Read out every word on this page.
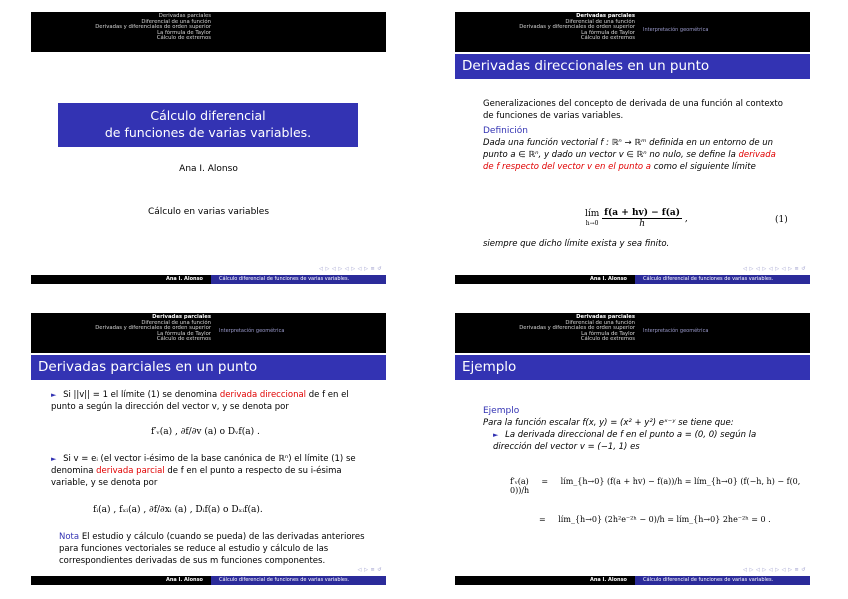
Derivadas parciales
Diferencial de una función
Derivadas y diferenciales de orden superior
La fórmula de Taylor
Cálculo de extremos
Cálculo diferencial
de funciones de varias variables.
Ana I. Alonso
Cálculo en varias variables
◁ ▷ ◁ ▷ ◁ ▷ ◁ ▷ ≡ ↺
Ana I. Alonso	Cálculo diferencial de funciones de varias variables.
Derivadas parciales
Diferencial de una función
Derivadas y diferenciales de orden superior
La fórmula de Taylor
Cálculo de extremos
Interpretación geométrica
Derivadas direccionales en un punto
Generalizaciones del concepto de derivada de una función al contexto de funciones de varias variables.
Definición
Dada una función vectorial f : ℝⁿ → ℝᵐ definida en un entorno de un punto a ∈ ℝⁿ, y dado un vector v ∈ ℝⁿ no nulo, se define la derivada de f respecto del vector v en el punto a como el siguiente límite
lím
$h\to 0 \frac{f(a + hv) - f(a)}{h}$ ,	(1)
siempre que dicho límite exista y sea finito.
◁ ▷ ◁ ▷ ◁ ▷ ◁ ▷ ≡ ↺
Ana I. Alonso	Cálculo diferencial de funciones de varias variables.
Derivadas parciales
Diferencial de una función
Derivadas y diferenciales de orden superior
La fórmula de Taylor
Cálculo de extremos
Interpretación geométrica
Derivadas parciales en un punto
► Si ||v|| = 1 el límite (1) se denomina derivada direccional de f en el punto a según la dirección del vector v, y se denota por
f′ᵥ(a) , ∂f/∂v (a) o Dᵥf(a) .
► Si v = eᵢ (el vector i-ésimo de la base canónica de ℝⁿ) el límite (1) se denomina derivada parcial de f en el punto a respecto de su i-ésima variable, y se denota por
fᵢ(a) , fₓᵢ(a) , ∂f/∂xᵢ (a) , Dᵢf(a) o Dₓᵢf(a).
Nota El estudio y cálculo (cuando se pueda) de las derivadas anteriores para funciones vectoriales se reduce al estudio y cálculo de las correspondientes derivadas de sus m funciones componentes.
◁ ▷ ≡ ↺
Ana I. Alonso	Cálculo diferencial de funciones de varias variables.
Derivadas parciales
Diferencial de una función
Derivadas y diferenciales de orden superior
La fórmula de Taylor
Cálculo de extremos
Interpretación geométrica
Ejemplo
Ejemplo
Para la función escalar f(x, y) = (x² + y²) eˣ⁻ʸ se tiene que:
► La derivada direccional de f en el punto a = (0, 0) según la dirección del vector v = (−1, 1) es
f′ᵥ(a) = lím_{h→0} (f(a + hv) − f(a))/h = lím_{h→0} (f(−h, h) − f(0, 0))/h
= lím_{h→0} (2h²e⁻²ʰ − 0)/h = lím_{h→0} 2he⁻²ʰ = 0 .
◁ ▷ ◁ ▷ ◁ ▷ ◁ ▷ ≡ ↺
Ana I. Alonso	Cálculo diferencial de funciones de varias variables.
